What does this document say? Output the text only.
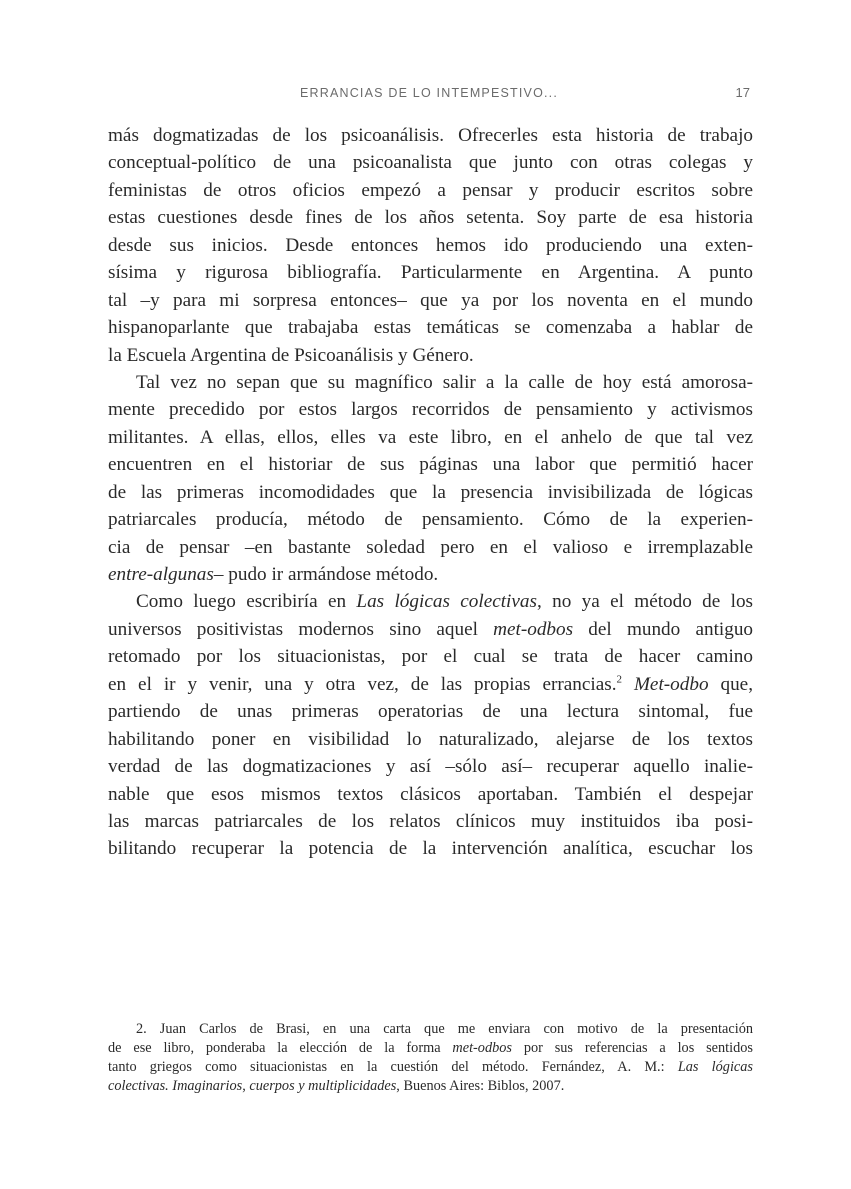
ERRANCIAS DE LO INTEMPESTIVO...	17
más dogmatizadas de los psicoanálisis. Ofrecerles esta historia de trabajo
conceptual-político de una psicoanalista que junto con otras colegas y
feministas de otros oficios empezó a pensar y producir escritos sobre
estas cuestiones desde fines de los años setenta. Soy parte de esa historia
desde sus inicios. Desde entonces hemos ido produciendo una exten-
sísima y rigurosa bibliografía. Particularmente en Argentina. A punto
tal –y para mi sorpresa entonces– que ya por los noventa en el mundo
hispanoparlante que trabajaba estas temáticas se comenzaba a hablar de
la Escuela Argentina de Psicoanálisis y Género.
Tal vez no sepan que su magnífico salir a la calle de hoy está amorosa-
mente precedido por estos largos recorridos de pensamiento y activismos
militantes. A ellas, ellos, elles va este libro, en el anhelo de que tal vez
encuentren en el historiar de sus páginas una labor que permitió hacer
de las primeras incomodidades que la presencia invisibilizada de lógicas
patriarcales producía, método de pensamiento. Cómo de la experien-
cia de pensar –en bastante soledad pero en el valioso e irremplazable
entre-algunas– pudo ir armándose método.
Como luego escribiría en Las lógicas colectivas, no ya el método de los
universos positivistas modernos sino aquel met-odbos del mundo antiguo
retomado por los situacionistas, por el cual se trata de hacer camino
en el ir y venir, una y otra vez, de las propias errancias.$^2$ Met-odbo que,
partiendo de unas primeras operatorias de una lectura sintomal, fue
habilitando poner en visibilidad lo naturalizado, alejarse de los textos
verdad de las dogmatizaciones y así –sólo así– recuperar aquello inalie-
nable que esos mismos textos clásicos aportaban. También el despejar
las marcas patriarcales de los relatos clínicos muy instituidos iba posi-
bilitando recuperar la potencia de la intervención analítica, escuchar los
2. Juan Carlos de Brasi, en una carta que me enviara con motivo de la presentación
de ese libro, ponderaba la elección de la forma met-odbos por sus referencias a los sentidos
tanto griegos como situacionistas en la cuestión del método. Fernández, A. M.: Las lógicas
colectivas. Imaginarios, cuerpos y multiplicidades, Buenos Aires: Biblos, 2007.
